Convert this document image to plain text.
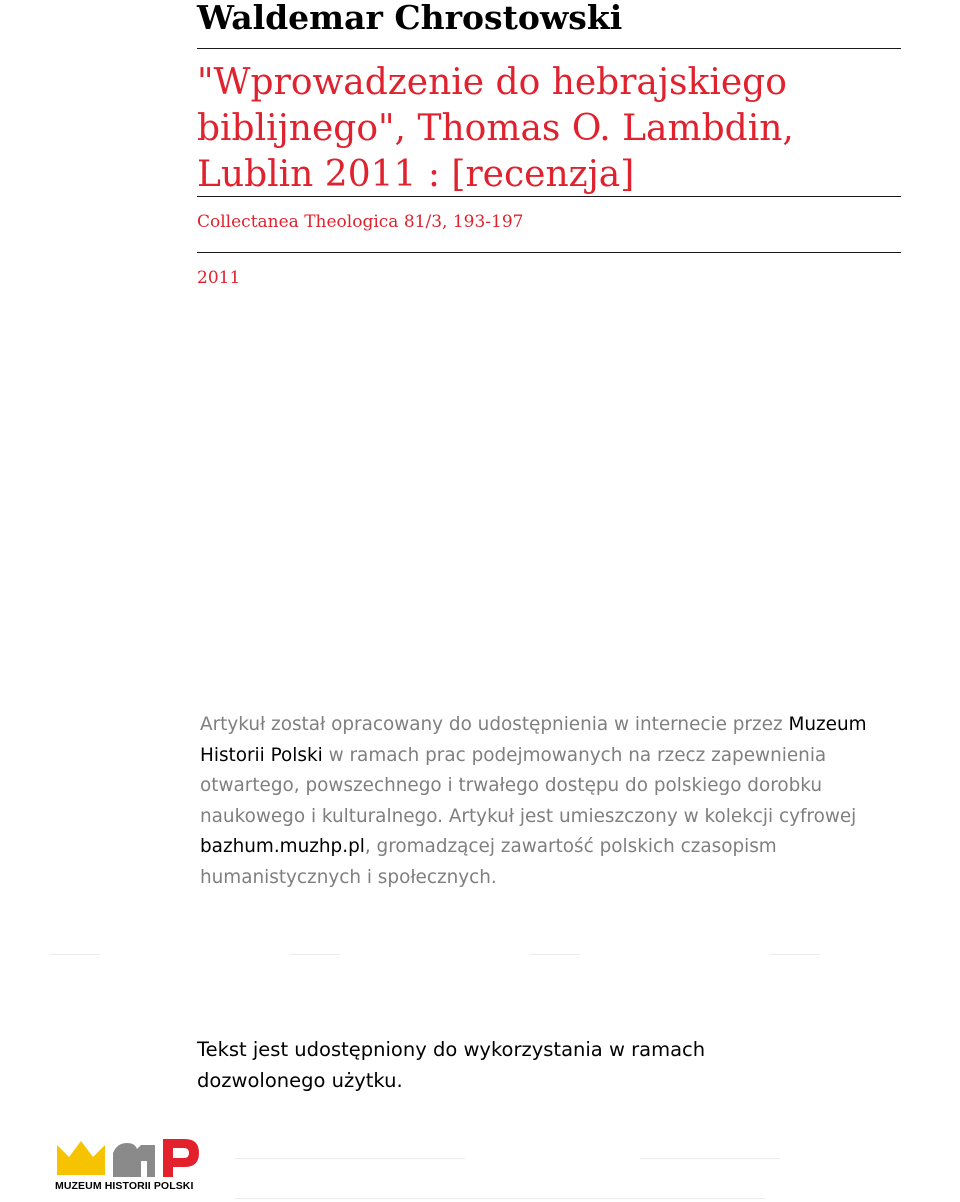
Waldemar Chrostowski
"Wprowadzenie do hebrajskiego biblijnego", Thomas O. Lambdin, Lublin 2011 : [recenzja]
Collectanea Theologica 81/3, 193-197
2011

Artykuł został opracowany do udostępnienia w internecie przez Muzeum Historii Polski w ramach prac podejmowanych na rzecz zapewnienia otwartego, powszechnego i trwałego dostępu do polskiego dorobku naukowego i kulturalnego. Artykuł jest umieszczony w kolekcji cyfrowej bazhum.muzhp.pl, gromadzącej zawartość polskich czasopism humanistycznych i społecznych.

Tekst jest udostępniony do wykorzystania w ramach dozwolonego użytku.

MUZEUM HISTORII POLSKI
